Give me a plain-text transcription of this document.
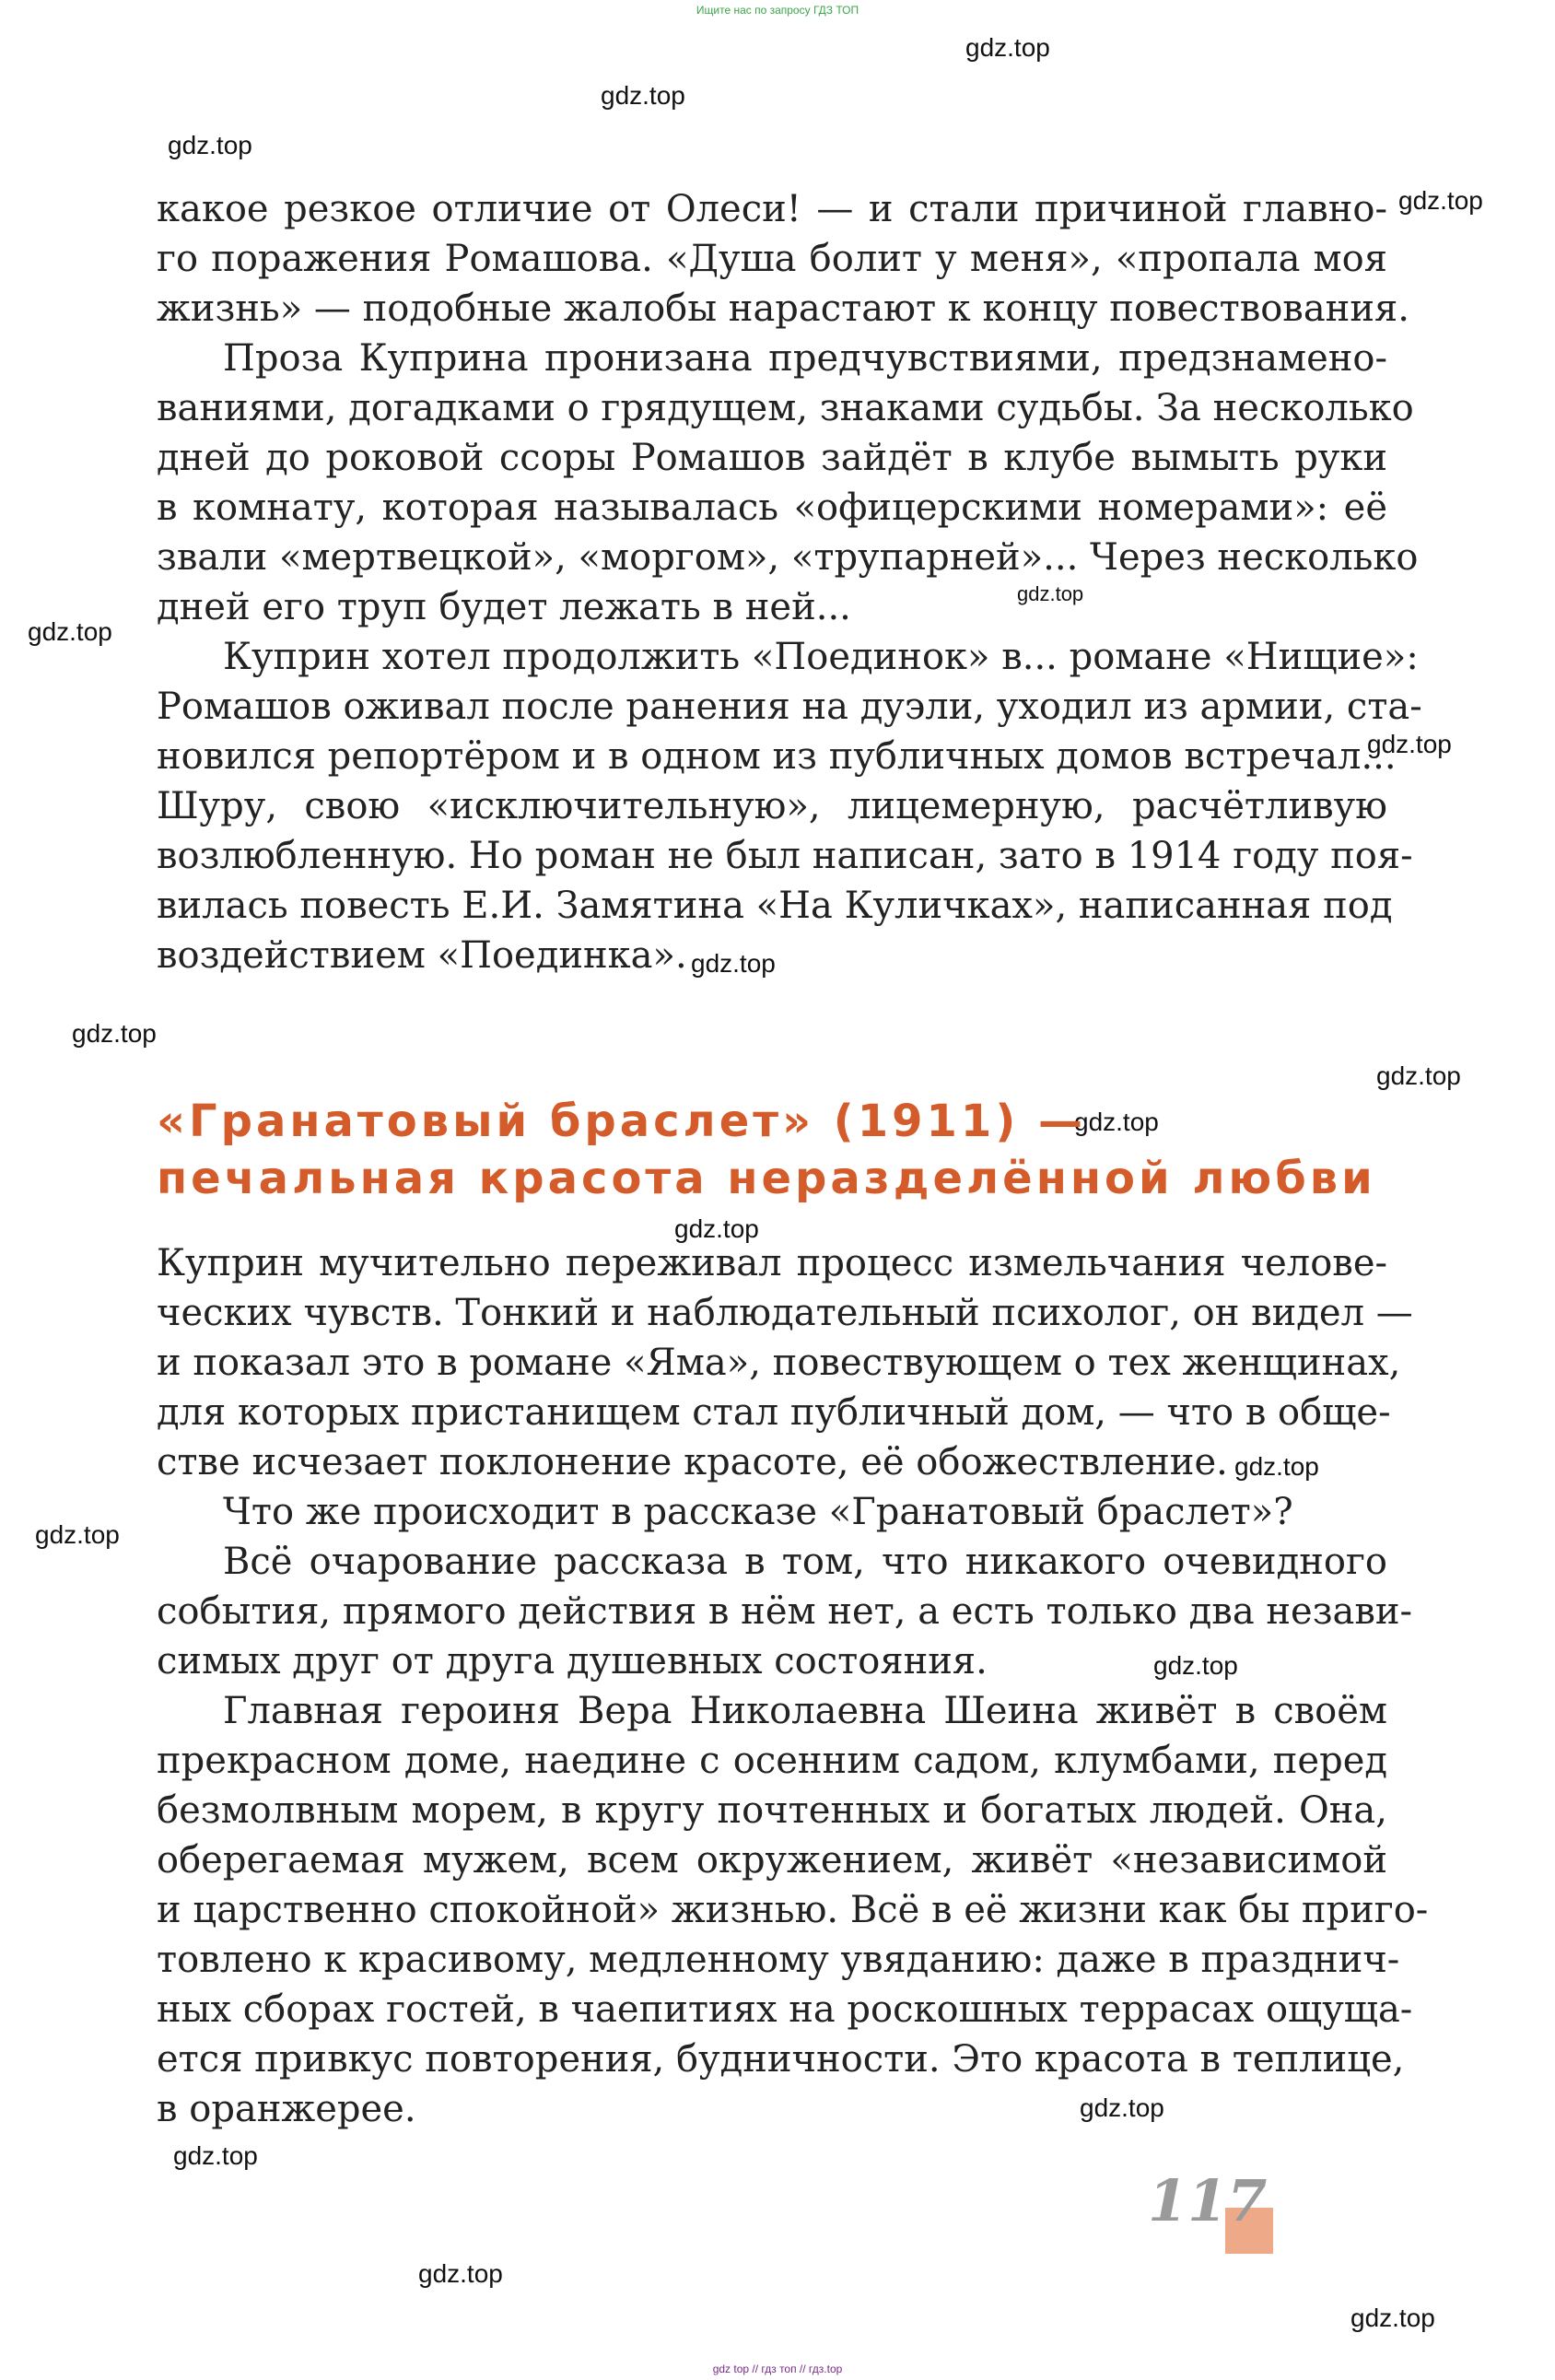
Ищите нас по запросу ГДЗ ТОП
gdz.top
gdz.top
gdz.top
gdz.top
gdz.top
gdz.top
gdz.top
gdz.top
gdz.top
gdz.top
gdz.top
gdz.top
gdz.top
gdz.top
gdz.top
gdz.top
gdz.top
gdz.top
gdz.top
какое резкое отличие от Олеси! — и стали причиной главно-
го поражения Ромашова. «Душа болит у меня», «пропала моя
жизнь» — подобные жалобы нарастают к концу повествования.
Проза Куприна пронизана предчувствиями, предзнамено-
ваниями, догадками о грядущем, знаками судьбы. За несколько
дней до роковой ссоры Ромашов зайдёт в клубе вымыть руки
в комнату, которая называлась «офицерскими номерами»: её
звали «мертвецкой», «моргом», «трупарней»... Через несколько
дней его труп будет лежать в ней...
Куприн хотел продолжить «Поединок» в... романе «Нищие»:
Ромашов оживал после ранения на дуэли, уходил из армии, ста-
новился репортёром и в одном из публичных домов встречал...
Шуру, свою «исключительную», лицемерную, расчётливую
возлюбленную. Но роман не был написан, зато в 1914 году поя-
вилась повесть Е.И. Замятина «На Куличках», написанная под
воздействием «Поединка».
«Гранатовый браслет» (1911) —
печальная красота неразделённой любви
Куприн мучительно переживал процесс измельчания челове-
ческих чувств. Тонкий и наблюдательный психолог, он видел —
и показал это в романе «Яма», повествующем о тех женщинах,
для которых пристанищем стал публичный дом, — что в обще-
стве исчезает поклонение красоте, её обожествление.
Что же происходит в рассказе «Гранатовый браслет»?
Всё очарование рассказа в том, что никакого очевидного
события, прямого действия в нём нет, а есть только два незави-
симых друг от друга душевных состояния.
Главная героиня Вера Николаевна Шеина живёт в своём
прекрасном доме, наедине с осенним садом, клумбами, перед
безмолвным морем, в кругу почтенных и богатых людей. Она,
оберегаемая мужем, всем окружением, живёт «независимой
и царственно спокойной» жизнью. Всё в её жизни как бы приго-
товлено к красивому, медленному увяданию: даже в празднич-
ных сборах гостей, в чаепитиях на роскошных террасах ощуща-
ется привкус повторения, будничности. Это красота в теплице,
в оранжерее.
117
gdz top // гдз топ // гдз.top
